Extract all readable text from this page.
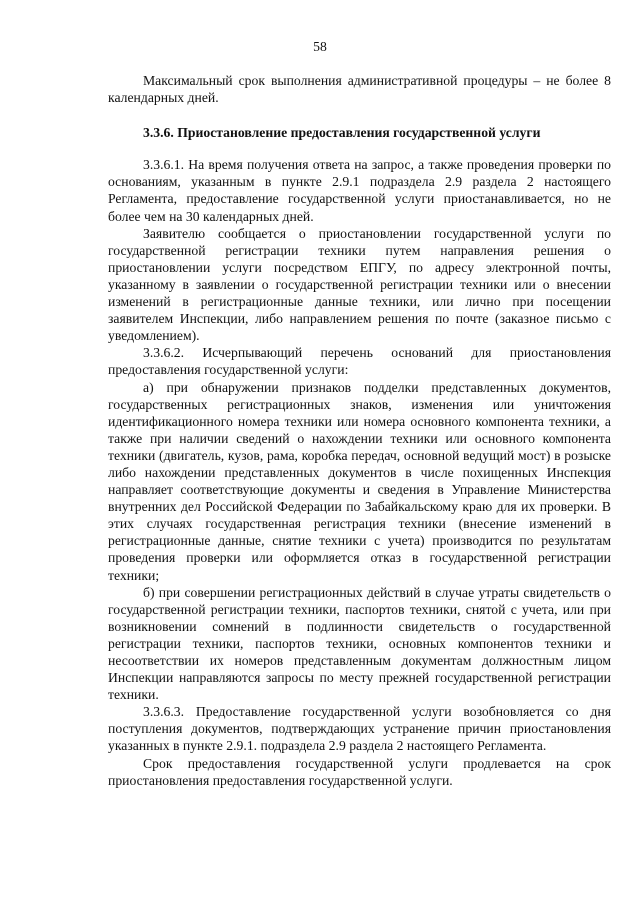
58

Максимальный срок выполнения административной процедуры – не более 8 календарных дней.

3.3.6. Приостановление предоставления государственной услуги

3.3.6.1. На время получения ответа на запрос, а также проведения проверки по основаниям, указанным в пункте 2.9.1 подраздела 2.9 раздела 2 настоящего Регламента, предоставление государственной услуги приостанавливается, но не более чем на 30 календарных дней.

Заявителю сообщается о приостановлении государственной услуги по государственной регистрации техники путем направления решения о приостановлении услуги посредством ЕПГУ, по адресу электронной почты, указанному в заявлении о государственной регистрации техники или о внесении изменений в регистрационные данные техники, или лично при посещении заявителем Инспекции, либо направлением решения по почте (заказное письмо с уведомлением).

3.3.6.2. Исчерпывающий перечень оснований для приостановления предоставления государственной услуги:

а) при обнаружении признаков подделки представленных документов, государственных регистрационных знаков, изменения или уничтожения идентификационного номера техники или номера основного компонента техники, а также при наличии сведений о нахождении техники или основного компонента техники (двигатель, кузов, рама, коробка передач, основной ведущий мост) в розыске либо нахождении представленных документов в числе похищенных Инспекция направляет соответствующие документы и сведения в Управление Министерства внутренних дел Российской Федерации по Забайкальскому краю для их проверки. В этих случаях государственная регистрация техники (внесение изменений в регистрационные данные, снятие техники с учета) производится по результатам проведения проверки или оформляется отказ в государственной регистрации техники;

б) при совершении регистрационных действий в случае утраты свидетельств о государственной регистрации техники, паспортов техники, снятой с учета, или при возникновении сомнений в подлинности свидетельств о государственной регистрации техники, паспортов техники, основных компонентов техники и несоответствии их номеров представленным документам должностным лицом Инспекции направляются запросы по месту прежней государственной регистрации техники.

3.3.6.3. Предоставление государственной услуги возобновляется со дня поступления документов, подтверждающих устранение причин приостановления указанных в пункте 2.9.1. подраздела 2.9 раздела 2 настоящего Регламента.

Срок предоставления государственной услуги продлевается на срок приостановления предоставления государственной услуги.
